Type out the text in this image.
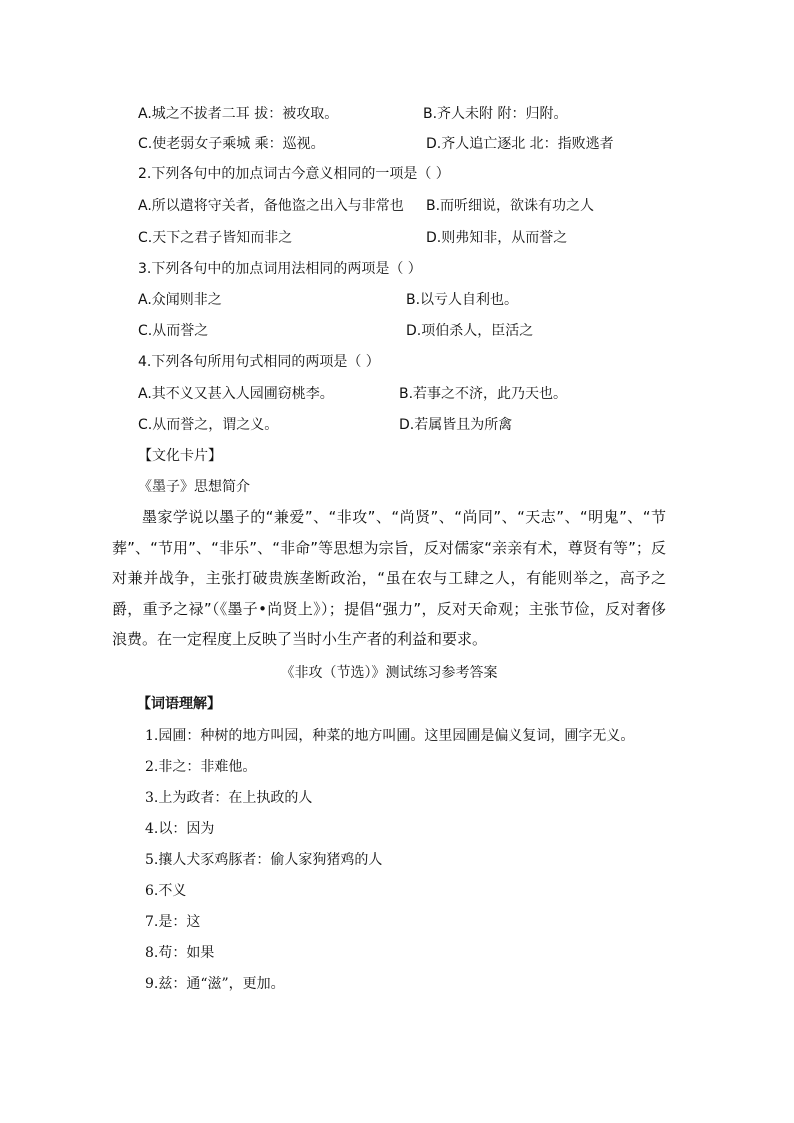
A.城之不拔者二耳 拔：被攻取。	B.齐人未附 附：归附。
C.使老弱女子乘城 乘：巡视。	D.齐人追亡逐北 北：指败逃者
2.下列各句中的加点词古今意义相同的一项是（ ）
A.所以遣将守关者，备他盗之出入与非常也 B.而听细说，欲诛有功之人
C.天下之君子皆知而非之	D.则弗知非，从而誉之
3.下列各句中的加点词用法相同的两项是（ ）
A.众闻则非之	B.以亏人自利也。
C.从而誉之	D.项伯杀人，臣活之
4.下列各句所用句式相同的两项是（ ）
A.其不义又甚入人园圃窃桃李。	B.若事之不济，此乃天也。
C.从而誉之，谓之义。	D.若属皆且为所禽
【文化卡片】
《墨子》思想简介
墨家学说以墨子的“兼爱”、“非攻”、“尚贤”、“尚同”、“天志”、“明鬼”、“节葬”、“节用”、“非乐”、“非命”等思想为宗旨，反对儒家“亲亲有术，尊贤有等”；反对兼并战争，主张打破贵族垄断政治，“虽在农与工肆之人，有能则举之，高予之爵，重予之禄”（《墨子•尚贤上》）；提倡“强力”，反对天命观；主张节俭，反对奢侈浪费。在一定程度上反映了当时小生产者的利益和要求。
《非攻（节选）》测试练习参考答案
【词语理解】
1.园圃：种树的地方叫园，种菜的地方叫圃。这里园圃是偏义复词，圃字无义。
2.非之：非难他。
3.上为政者：在上执政的人
4.以：因为
5.攘人犬豕鸡豚者：偷人家狗猪鸡的人
6.不义
7.是：这
8.苟：如果
9.兹：通“滋”，更加。
